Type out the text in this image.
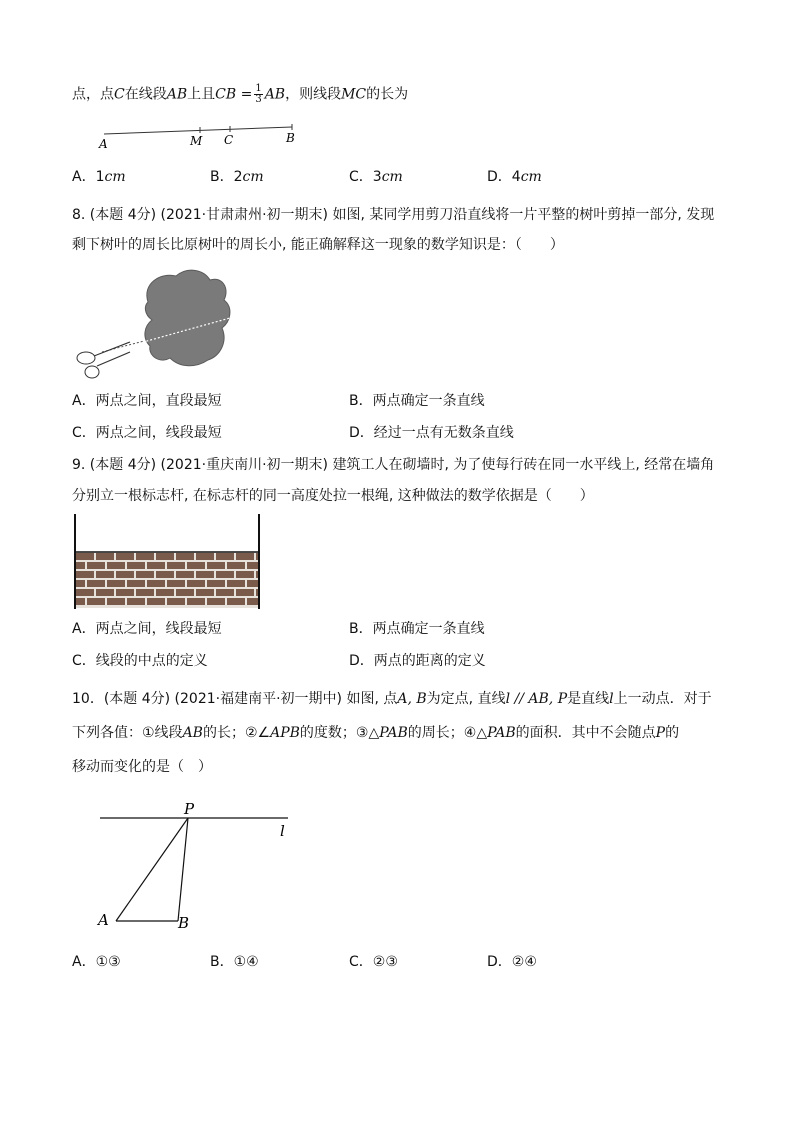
点，点C在线段AB上且CB = $\frac{1}{3}$ AB，则线段MC的长为
A	M C	B
A．1cm	B．2cm	C．3cm	D．4cm
8. (本题 4分) (2021·甘肃肃州·初一期末) 如图, 某同学用剪刀沿直线将一片平整的树叶剪掉一部分, 发现
剩下树叶的周长比原树叶的周长小, 能正确解释这一现象的数学知识是：（　　）
A．两点之间，直段最短	B．两点确定一条直线
C．两点之间，线段最短	D．经过一点有无数条直线
9. (本题 4分) (2021·重庆南川·初一期末) 建筑工人在砌墙时, 为了使每行砖在同一水平线上, 经常在墙角
分别立一根标志杆, 在标志杆的同一高度处拉一根绳, 这种做法的数学依据是（　　）
A．两点之间，线段最短	B．两点确定一条直线
C．线段的中点的定义	D．两点的距离的定义
10．(本题 4分) (2021·福建南平·初一期中) 如图, 点A, B为定点, 直线l // AB, P是直线l上一动点．对于
下列各值：①线段AB的长；②∠APB的度数；③△PAB的周长；④△PAB的面积．其中不会随点P的
移动而变化的是（　）
P
l
A	B
A．①③	B．①④	C．②③	D．②④
